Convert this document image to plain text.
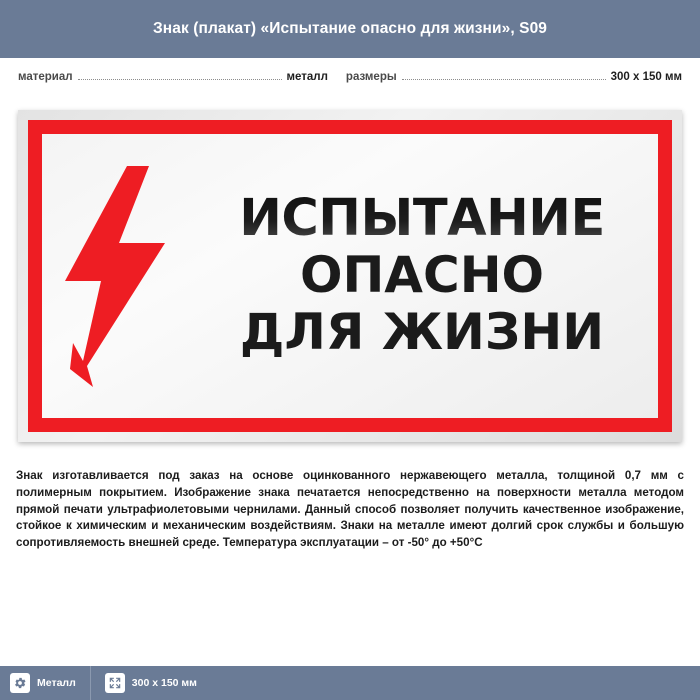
Знак (плакат) «Испытание опасно для жизни», S09
материал	металл размеры	300 x 150 мм
ИСПЫТАНИЕ
ОПАСНО
ДЛЯ ЖИЗНИ
Знак изготавливается под заказ на основе оцинкованного нержавеющего металла, толщиной 0,7 мм с полимерным покрытием. Изображение знака печатается непосредственно на поверхности металла методом прямой печати ультрафиолетовыми чернилами. Данный способ позволяет получить качественное изображение, стойкое к химическим и механическим воздействиям. Знаки на металле имеют долгий срок службы и большую сопротивляемость внешней среде. Температура эксплуатации – от -50° до +50°С
Металл	300 x 150 мм
